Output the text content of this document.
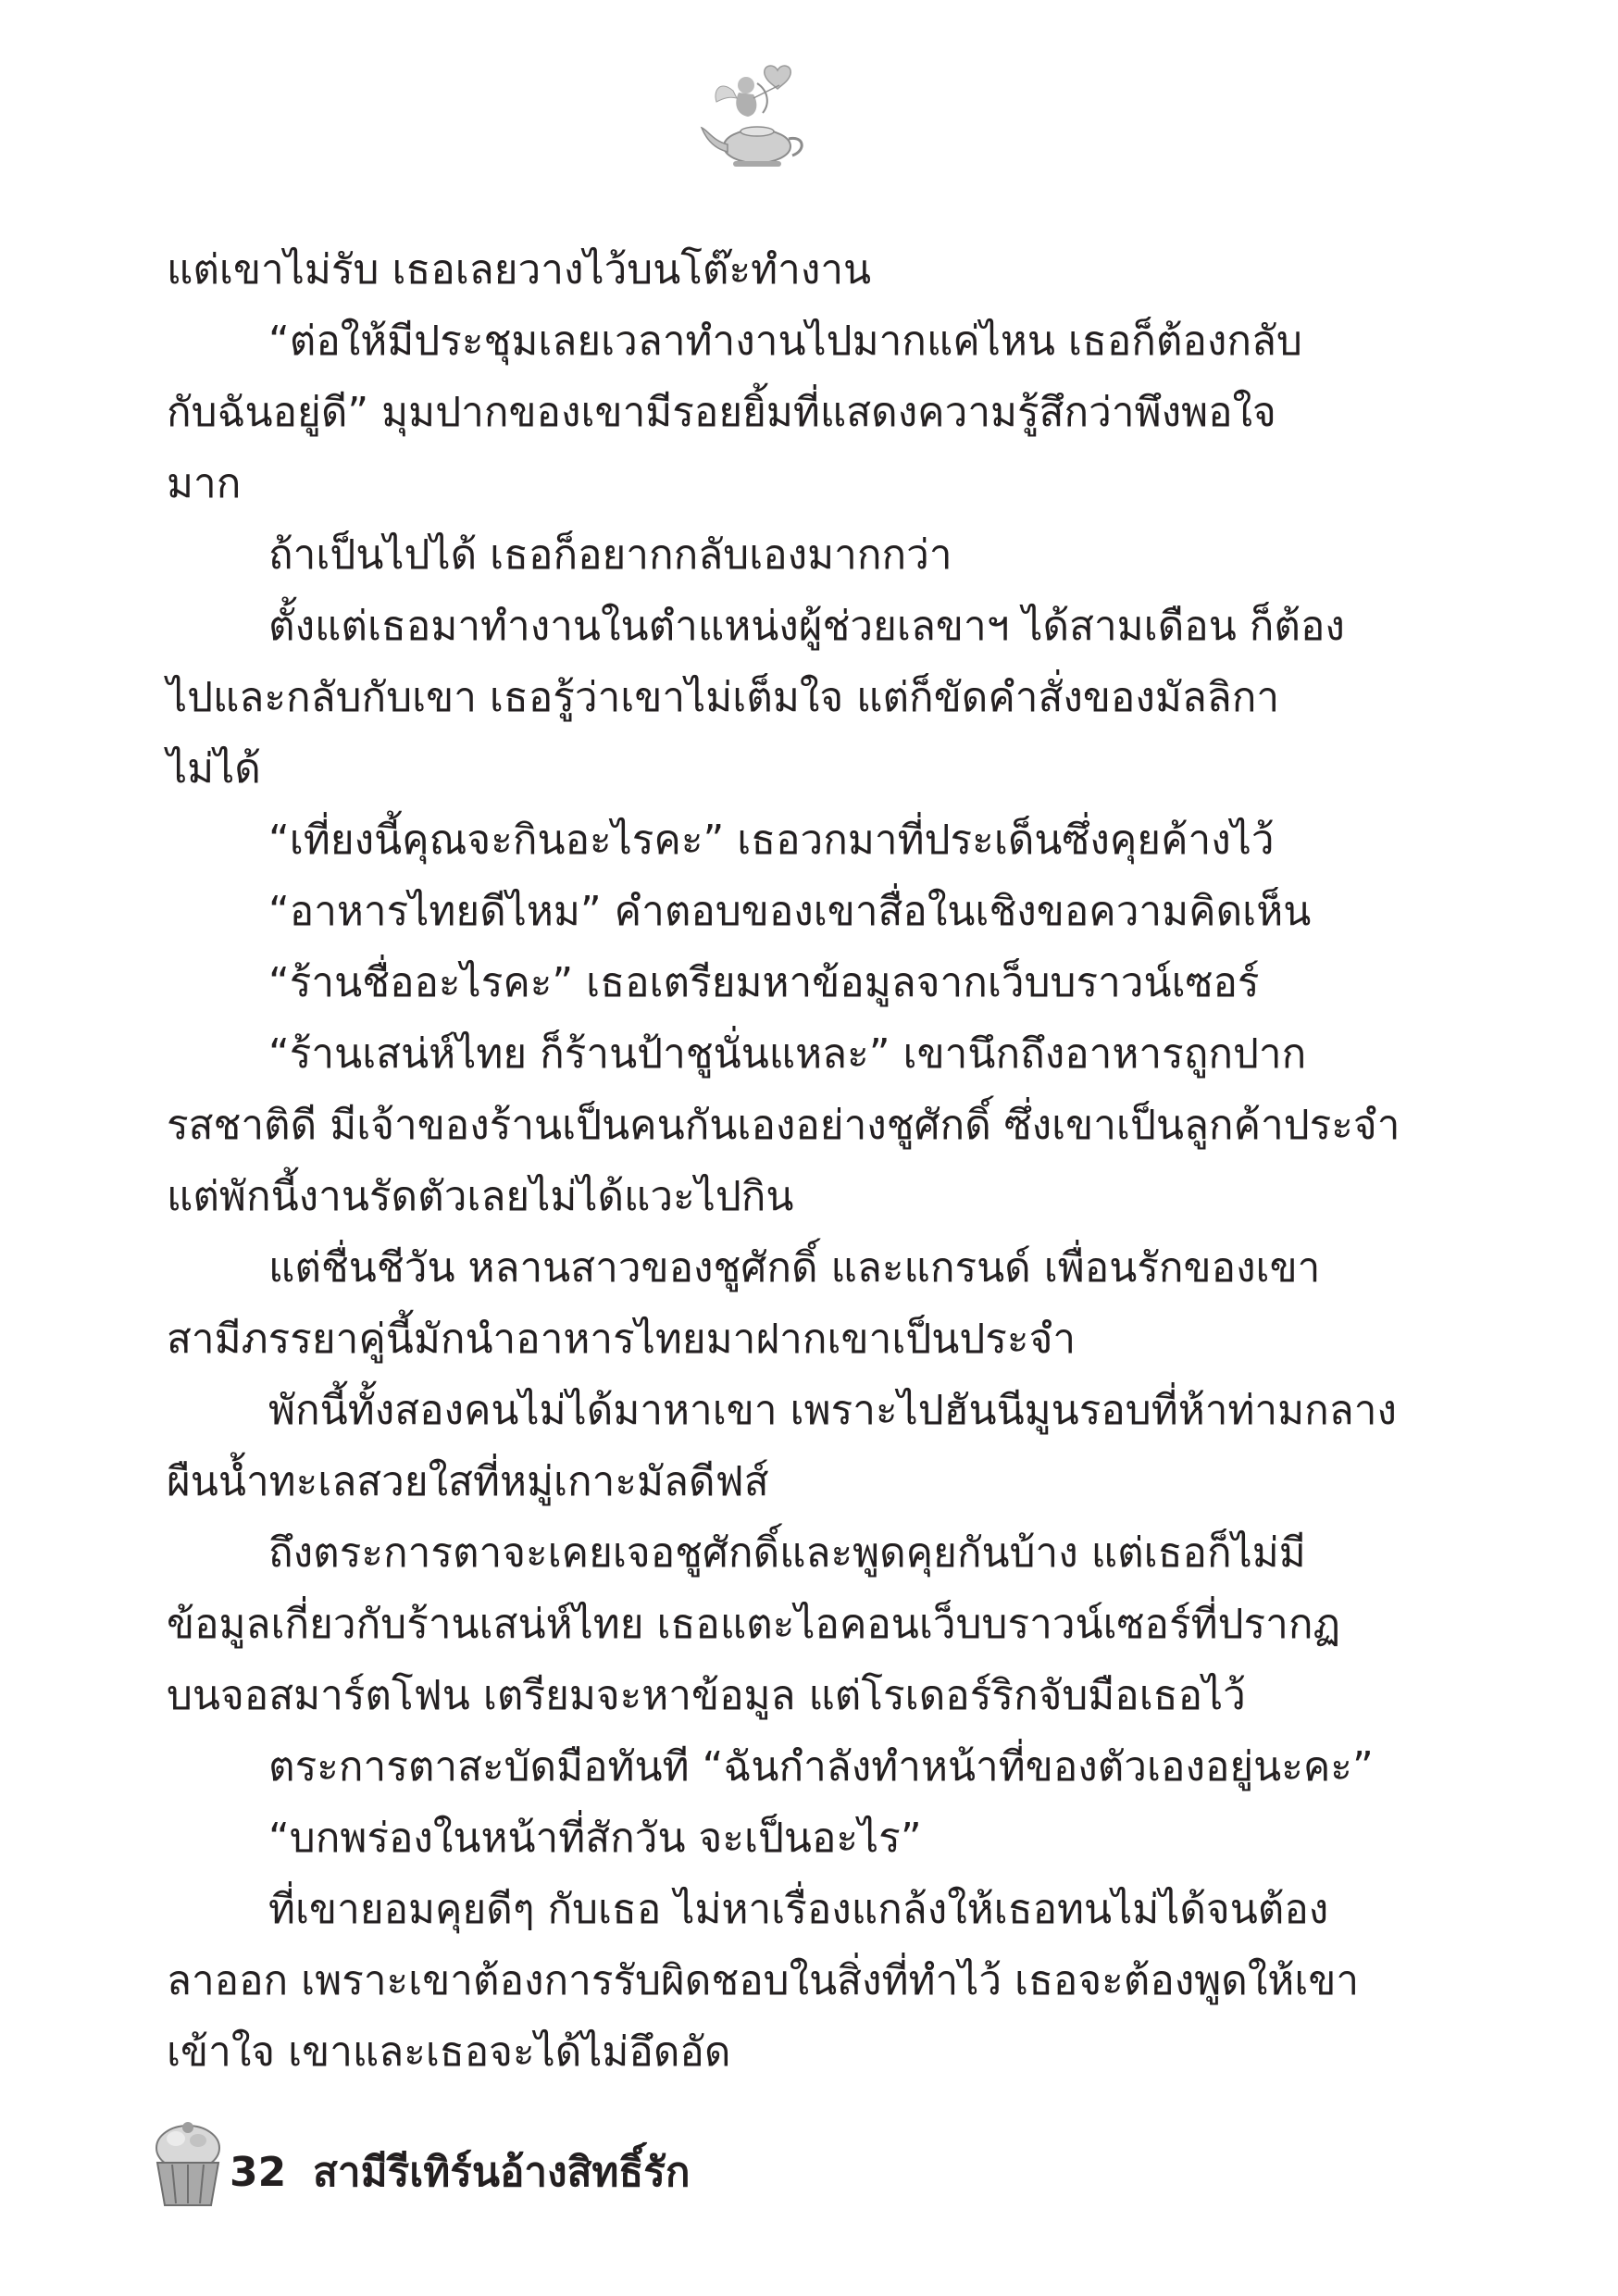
แต่เขาไม่รับ เธอเลยวางไว้บนโต๊ะทำงาน
“ต่อให้มีประชุมเลยเวลาทำงานไปมากแค่ไหน เธอก็ต้องกลับ
กับฉันอยู่ดี” มุมปากของเขามีรอยยิ้มที่แสดงความรู้สึกว่าพึงพอใจ
มาก
ถ้าเป็นไปได้ เธอก็อยากกลับเองมากกว่า
ตั้งแต่เธอมาทำงานในตำแหน่งผู้ช่วยเลขาฯ ได้สามเดือน ก็ต้อง
ไปและกลับกับเขา เธอรู้ว่าเขาไม่เต็มใจ แต่ก็ขัดคำสั่งของมัลลิกา
ไม่ได้
“เที่ยงนี้คุณจะกินอะไรคะ” เธอวกมาที่ประเด็นซึ่งคุยค้างไว้
“อาหารไทยดีไหม” คำตอบของเขาสื่อในเชิงขอความคิดเห็น
“ร้านชื่ออะไรคะ” เธอเตรียมหาข้อมูลจากเว็บบราวน์เซอร์
“ร้านเสน่ห์ไทย ก็ร้านป้าชูนั่นแหละ” เขานึกถึงอาหารถูกปาก
รสชาติดี มีเจ้าของร้านเป็นคนกันเองอย่างชูศักดิ์ ซึ่งเขาเป็นลูกค้าประจำ
แต่พักนี้งานรัดตัวเลยไม่ได้แวะไปกิน
แต่ชื่นชีวัน หลานสาวของชูศักดิ์ และแกรนด์ เพื่อนรักของเขา
สามีภรรยาคู่นี้มักนำอาหารไทยมาฝากเขาเป็นประจำ
พักนี้ทั้งสองคนไม่ได้มาหาเขา เพราะไปฮันนีมูนรอบที่ห้าท่ามกลาง
ผืนน้ำทะเลสวยใสที่หมู่เกาะมัลดีฟส์
ถึงตระการตาจะเคยเจอชูศักดิ์และพูดคุยกันบ้าง แต่เธอก็ไม่มี
ข้อมูลเกี่ยวกับร้านเสน่ห์ไทย เธอแตะไอคอนเว็บบราวน์เซอร์ที่ปรากฏ
บนจอสมาร์ตโฟน เตรียมจะหาข้อมูล แต่โรเดอร์ริกจับมือเธอไว้
ตระการตาสะบัดมือทันที “ฉันกำลังทำหน้าที่ของตัวเองอยู่นะคะ”
“บกพร่องในหน้าที่สักวัน จะเป็นอะไร”
ที่เขายอมคุยดีๆ กับเธอ ไม่หาเรื่องแกล้งให้เธอทนไม่ได้จนต้อง
ลาออก เพราะเขาต้องการรับผิดชอบในสิ่งที่ทำไว้ เธอจะต้องพูดให้เขา
เข้าใจ เขาและเธอจะได้ไม่อึดอัด
32 สามีรีเทิร์นอ้างสิทธิ์รัก
